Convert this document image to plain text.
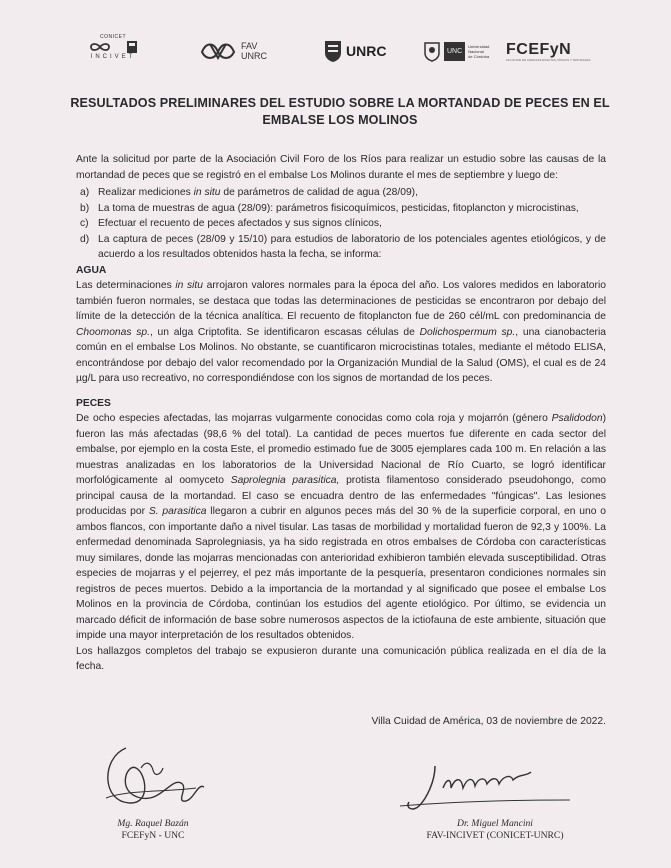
CONICET
INCIVET
FAV
UNRC	UNRC	UNC
Universidad
Nacional
de Córdoba FCEFyN
FACULTAD DE CIENCIAS EXACTAS, FÍSICAS Y NATURALES
RESULTADOS PRELIMINARES DEL ESTUDIO SOBRE LA MORTANDAD DE PECES EN EL
EMBALSE LOS MOLINOS

Ante la solicitud por parte de la Asociación Civil Foro de los Ríos para realizar un estudio sobre las causas de la mortandad de peces que se registró en el embalse Los Molinos durante el mes de septiembre y luego de:

a) Realizar mediciones in situ de parámetros de calidad de agua (28/09),
b) La toma de muestras de agua (28/09): parámetros fisicoquímicos, pesticidas, fitoplancton y microcistinas,
c) Efectuar el recuento de peces afectados y sus signos clínicos,
d) La captura de peces (28/09 y 15/10) para estudios de laboratorio de los potenciales agentes etiológicos, y de acuerdo a los resultados obtenidos hasta la fecha, se informa:

AGUA

Las determinaciones in situ arrojaron valores normales para la época del año. Los valores medidos en laboratorio también fueron normales, se destaca que todas las determinaciones de pesticidas se encontraron por debajo del límite de la detección de la técnica analítica. El recuento de fitoplancton fue de 260 cél/mL con predominancia de Choomonas sp., un alga Criptofita. Se identificaron escasas células de Dolichospermum sp., una cianobacteria común en el embalse Los Molinos. No obstante, se cuantificaron microcistinas totales, mediante el método ELISA, encontrándose por debajo del valor recomendado por la Organización Mundial de la Salud (OMS), el cual es de 24 µg/L para uso recreativo, no correspondiéndose con los signos de mortandad de los peces.

PECES

De ocho especies afectadas, las mojarras vulgarmente conocidas como cola roja y mojarrón (género Psalidodon) fueron las más afectadas (98,6 % del total). La cantidad de peces muertos fue diferente en cada sector del embalse, por ejemplo en la costa Este, el promedio estimado fue de 3005 ejemplares cada 100 m. En relación a las muestras analizadas en los laboratorios de la Universidad Nacional de Río Cuarto, se logró identificar morfológicamente al oomyceto Saprolegnia parasitica, protista filamentoso considerado pseudohongo, como principal causa de la mortandad. El caso se encuadra dentro de las enfermedades "fúngicas". Las lesiones producidas por S. parasitica llegaron a cubrir en algunos peces más del 30 % de la superficie corporal, en uno o ambos flancos, con importante daño a nivel tisular. Las tasas de morbilidad y mortalidad fueron de 92,3 y 100%. La enfermedad denominada Saprolegniasis, ya ha sido registrada en otros embalses de Córdoba con características muy similares, donde las mojarras mencionadas con anterioridad exhibieron también elevada susceptibilidad. Otras especies de mojarras y el pejerrey, el pez más importante de la pesquería, presentaron condiciones normales sin registros de peces muertos. Debido a la importancia de la mortandad y al significado que posee el embalse Los Molinos en la provincia de Córdoba, continúan los estudios del agente etiológico. Por último, se evidencia un marcado déficit de información de base sobre numerosos aspectos de la ictiofauna de este ambiente, situación que impide una mayor interpretación de los resultados obtenidos.

Los hallazgos completos del trabajo se expusieron durante una comunicación pública realizada en el día de la fecha.

Villa Cuidad de América, 03 de noviembre de 2022.
Mg. Raquel Bazán
FCEFyN - UNC
Dr. Miguel Mancini
FAV-INCIVET (CONICET-UNRC)
